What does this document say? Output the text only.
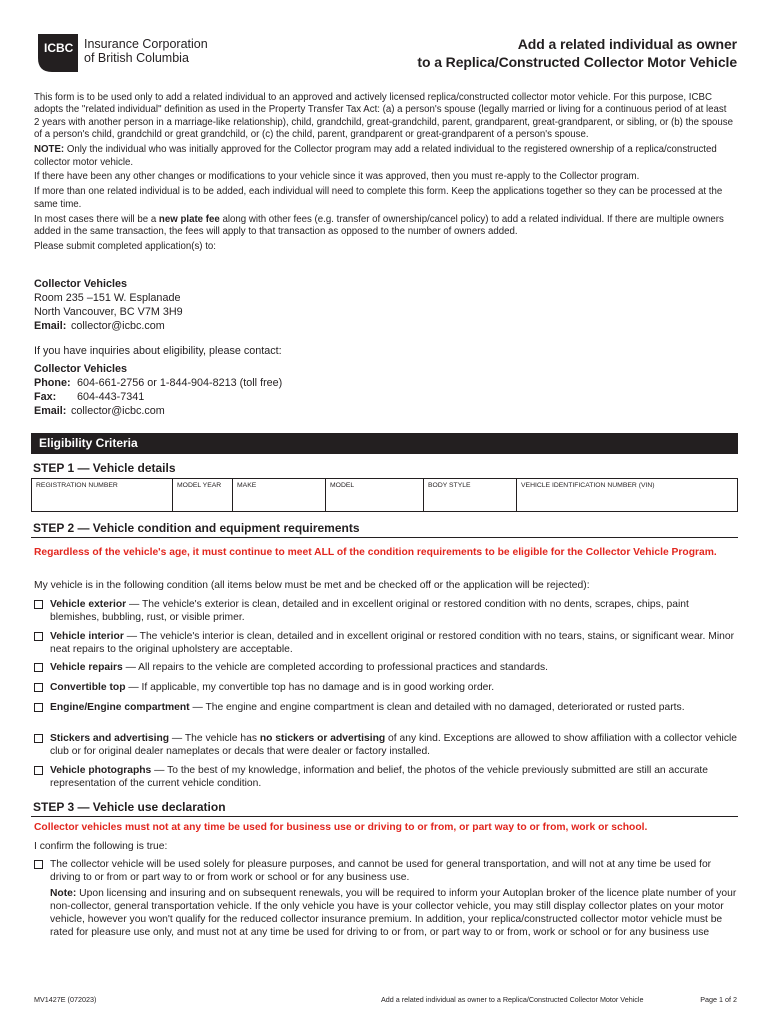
ICBC Insurance Corporation
of British Columbia
Add a related individual as owner
to a Replica/Constructed Collector Motor Vehicle

This form is to be used only to add a related individual to an approved and actively licensed replica/constructed collector motor vehicle. For this purpose, ICBC adopts the "related individual" definition as used in the Property Transfer Tax Act: (a) a person's spouse (legally married or living for a continuous period of at least 2 years with another person in a marriage-like relationship), child, grandchild, great-grandchild, parent, grandparent, great-grandparent, or sibling, or (b) the spouse of a person's child, grandchild or great grandchild, or (c) the child, parent, grandparent or great-grandparent of a person's spouse.

NOTE: Only the individual who was initially approved for the Collector program may add a related individual to the registered ownership of a replica/constructed collector motor vehicle.

If there have been any other changes or modifications to your vehicle since it was approved, then you must re-apply to the Collector program.

If more than one related individual is to be added, each individual will need to complete this form. Keep the applications together so they can be processed at the same time.

In most cases there will be a new plate fee along with other fees (e.g. transfer of ownership/cancel policy) to add a related individual. If there are multiple owners added in the same transaction, the fees will apply to that transaction as opposed to the number of owners added.

Please submit completed application(s) to:

Collector Vehicles
Room 235 –151 W. Esplanade
North Vancouver, BC V7M 3H9
Email: collector@icbc.com
If you have inquiries about eligibility, please contact:
Collector Vehicles
Phone: 604-661-2756 or 1-844-904-8213 (toll free)
Fax: 604-443-7341
Email: collector@icbc.com
Eligibility Criteria
STEP 1 — Vehicle details
REGISTRATION NUMBER	MODEL YEAR	MAKE	MODEL	BODY STYLE	VEHICLE IDENTIFICATION NUMBER (VIN)
STEP 2 — Vehicle condition and equipment requirements
Regardless of the vehicle's age, it must continue to meet ALL of the condition requirements to be eligible for the Collector Vehicle Program.
My vehicle is in the following condition (all items below must be met and be checked off or the application will be rejected):
Vehicle exterior — The vehicle's exterior is clean, detailed and in excellent original or restored condition with no dents, scrapes, chips, paint blemishes, bubbling, rust, or visible primer.
Vehicle interior — The vehicle's interior is clean, detailed and in excellent original or restored condition with no tears, stains, or significant wear. Minor neat repairs to the original upholstery are acceptable.
Vehicle repairs — All repairs to the vehicle are completed according to professional practices and standards.
Convertible top — If applicable, my convertible top has no damage and is in good working order.
Engine/Engine compartment — The engine and engine compartment is clean and detailed with no damaged, deteriorated or rusted parts.
Stickers and advertising — The vehicle has no stickers or advertising of any kind. Exceptions are allowed to show affiliation with a collector vehicle club or for original dealer nameplates or decals that were dealer or factory installed.
Vehicle photographs — To the best of my knowledge, information and belief, the photos of the vehicle previously submitted are still an accurate representation of the current vehicle condition.
STEP 3 — Vehicle use declaration
Collector vehicles must not at any time be used for business use or driving to or from, or part way to or from, work or school.
I confirm the following is true:
The collector vehicle will be used solely for pleasure purposes, and cannot be used for general transportation, and will not at any time be used for driving to or from or part way to or from work or school or for any business use.
Note: Upon licensing and insuring and on subsequent renewals, you will be required to inform your Autoplan broker of the licence plate number of your non-collector, general transportation vehicle. If the only vehicle you have is your collector vehicle, you may still display collector plates on your motor vehicle, however you won't qualify for the reduced collector insurance premium. In addition, your replica/constructed collector motor vehicle must be rated for pleasure use only, and must not at any time be used for driving to or from, or part way to or from, work or school or for any business use
MV1427E (072023)	Add a related individual as owner to a Replica/Constructed Collector Motor Vehicle	Page 1 of 2
